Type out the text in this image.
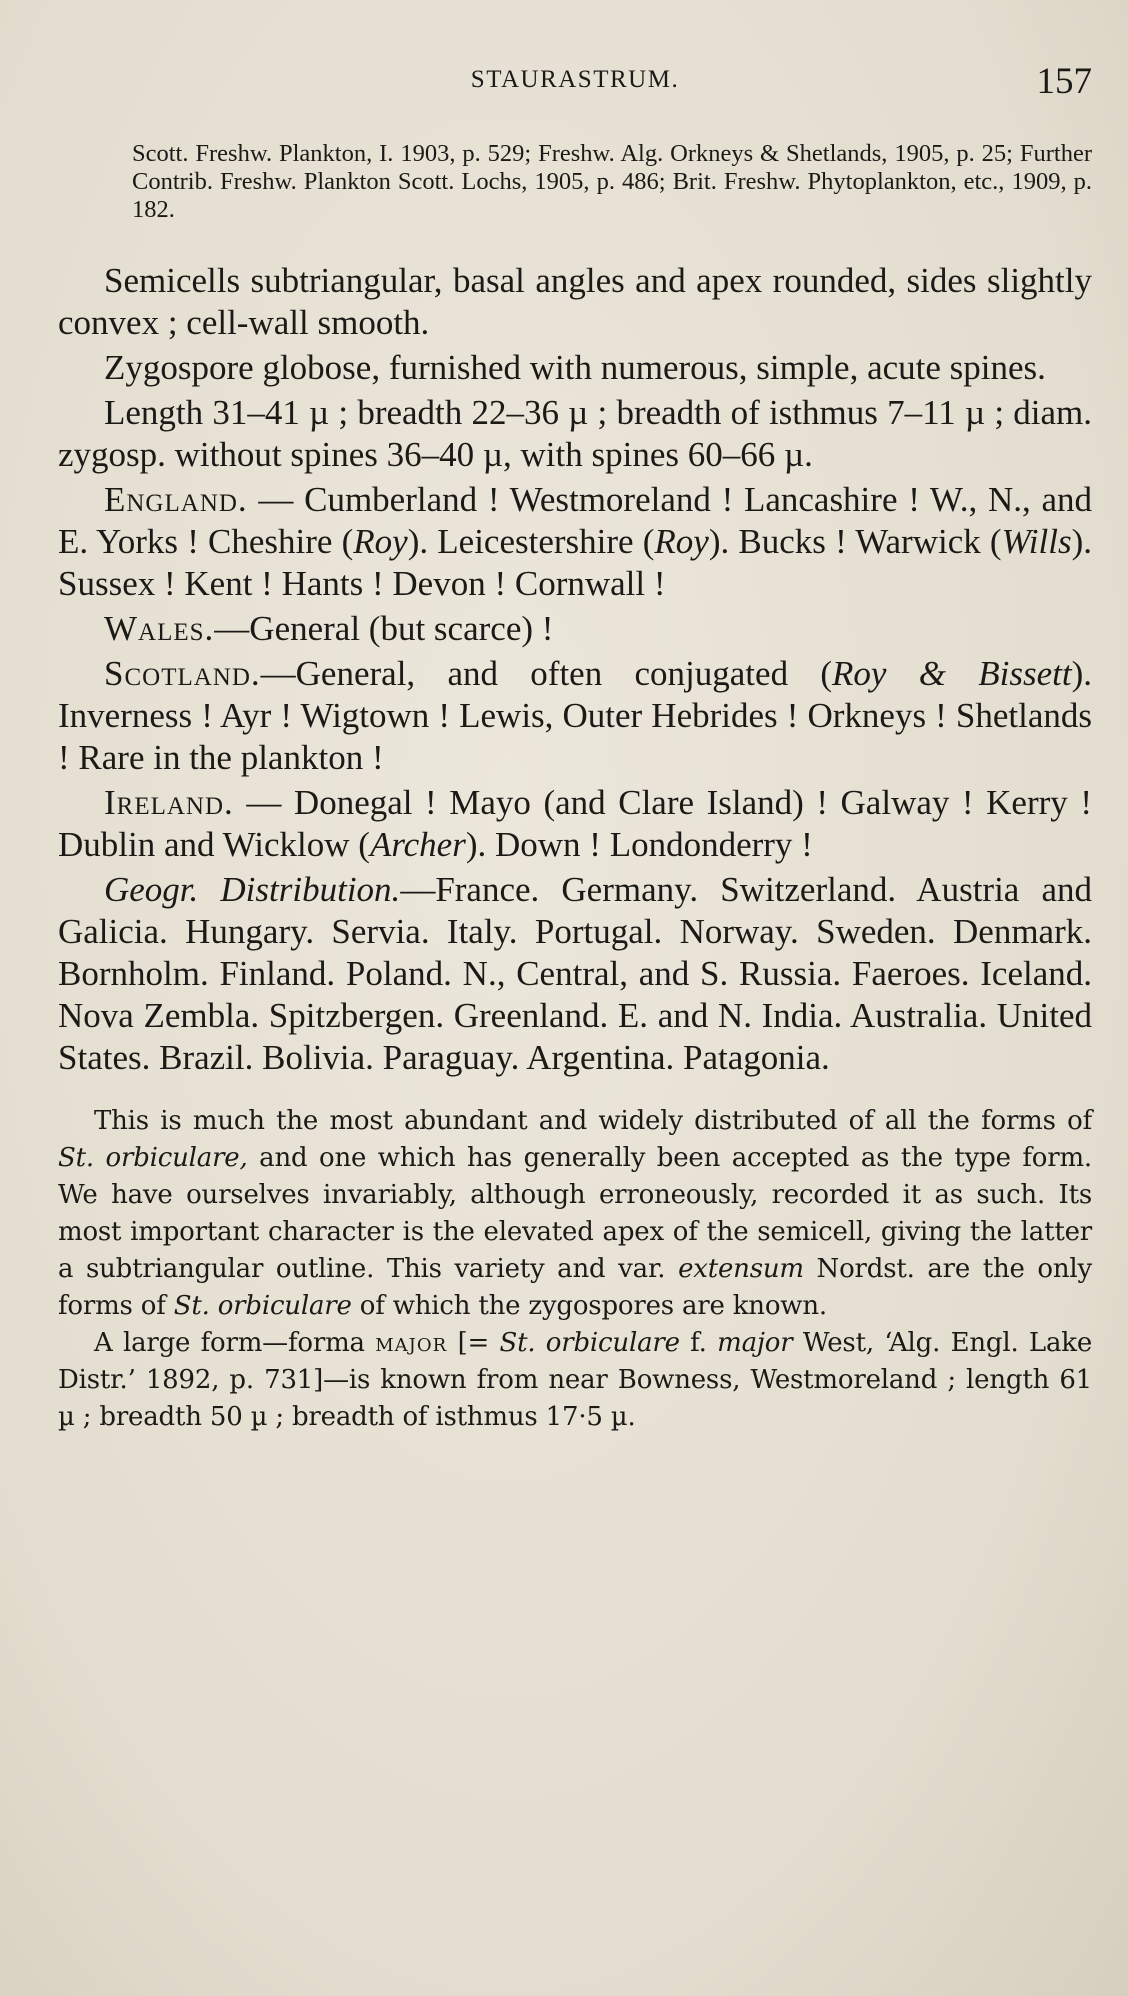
STAURASTRUM.	157
Scott. Freshw. Plankton, I. 1903, p. 529; Freshw. Alg. Orkneys & Shetlands, 1905, p. 25; Further Contrib. Freshw. Plankton Scott. Lochs, 1905, p. 486; Brit. Freshw. Phytoplankton, etc., 1909, p. 182.

Semicells subtriangular, basal angles and apex rounded, sides slightly convex ; cell-wall smooth.

Zygospore globose, furnished with numerous, simple, acute spines.

Length 31–41 µ ; breadth 22–36 µ ; breadth of isthmus 7–11 µ ; diam. zygosp. without spines 36–40 µ, with spines 60–66 µ.

England. — Cumberland ! Westmoreland ! Lancashire ! W., N., and E. Yorks ! Cheshire (Roy). Leicestershire (Roy). Bucks ! Warwick (Wills). Sussex ! Kent ! Hants ! Devon ! Cornwall !

Wales.—General (but scarce) !

Scotland.—General, and often conjugated (Roy & Bissett). Inverness ! Ayr ! Wigtown ! Lewis, Outer Hebrides ! Orkneys ! Shetlands ! Rare in the plankton !

Ireland. — Donegal ! Mayo (and Clare Island) ! Galway ! Kerry ! Dublin and Wicklow (Archer). Down ! Londonderry !

Geogr. Distribution.—France. Germany. Switzerland. Austria and Galicia. Hungary. Servia. Italy. Portugal. Norway. Sweden. Denmark. Bornholm. Finland. Poland. N., Central, and S. Russia. Faeroes. Iceland. Nova Zembla. Spitzbergen. Greenland. E. and N. India. Australia. United States. Brazil. Bolivia. Paraguay. Argentina. Patagonia.

This is much the most abundant and widely distributed of all the forms of St. orbiculare, and one which has generally been accepted as the type form. We have ourselves invariably, although erroneously, recorded it as such. Its most important character is the elevated apex of the semicell, giving the latter a subtriangular outline. This variety and var. extensum Nordst. are the only forms of St. orbiculare of which the zygospores are known.

A large form—forma major [= St. orbiculare f. major West, ‘Alg. Engl. Lake Distr.’ 1892, p. 731]—is known from near Bowness, Westmoreland ; length 61 µ ; breadth 50 µ ; breadth of isthmus 17·5 µ.
